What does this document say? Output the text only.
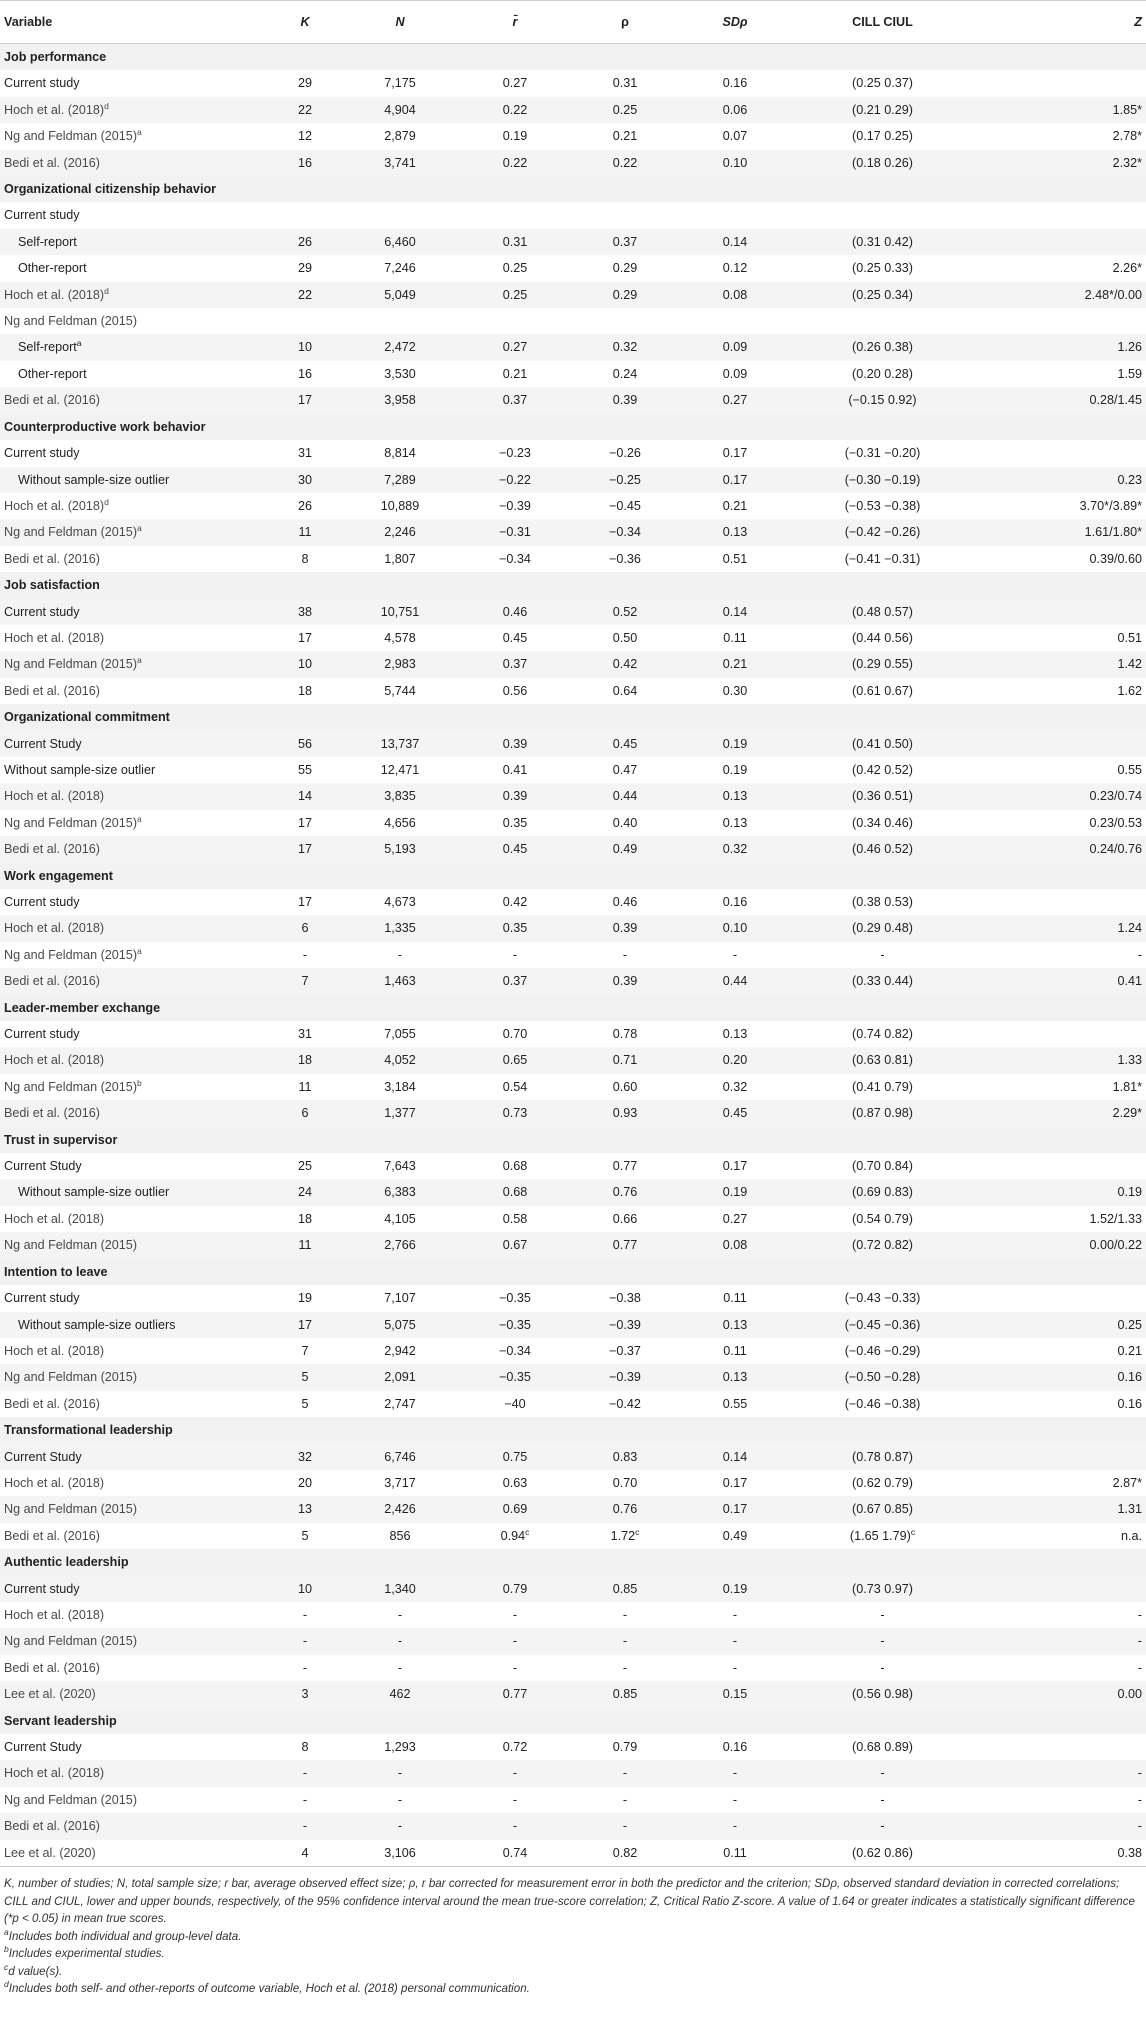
Variable	K	N	r̄	ρ	SDρ	CILL CIUL	Z
Job performance							
Current study	29	7,175	0.27	0.31	0.16	(0.25 0.37)	
Hoch et al. $(2018)^d$	22	4,904	0.22	0.25	0.06	(0.21 0.29)	1.85*
Ng and Feldman $(2015)^a$	12	2,879	0.19	0.21	0.07	(0.17 0.25)	2.78*
Bedi et al. (2016)	16	3,741	0.22	0.22	0.10	(0.18 0.26)	2.32*
Organizational citizenship behavior							
Current study							
Self-report	26	6,460	0.31	0.37	0.14	(0.31 0.42)	
Other-report	29	7,246	0.25	0.29	0.12	(0.25 0.33)	2.26*
Hoch et al. $(2018)^d$	22	5,049	0.25	0.29	0.08	(0.25 0.34)	2.48*/0.00
Ng and Feldman (2015)							
Self-report$^a$	10	2,472	0.27	0.32	0.09	(0.26 0.38)	1.26
Other-report	16	3,530	0.21	0.24	0.09	(0.20 0.28)	1.59
Bedi et al. (2016)	17	3,958	0.37	0.39	0.27	(−0.15 0.92)	0.28/1.45
Counterproductive work behavior							
Current study	31	8,814	−0.23	−0.26	0.17	(−0.31 −0.20)	
Without sample-size outlier	30	7,289	−0.22	−0.25	0.17	(−0.30 −0.19)	0.23
Hoch et al. $(2018)^d$	26	10,889	−0.39	−0.45	0.21	(−0.53 −0.38)	3.70*/3.89*
Ng and Feldman $(2015)^a$	11	2,246	−0.31	−0.34	0.13	(−0.42 −0.26)	1.61/1.80*
Bedi et al. (2016)	8	1,807	−0.34	−0.36	0.51	(−0.41 −0.31)	0.39/0.60
Job satisfaction							
Current study	38	10,751	0.46	0.52	0.14	(0.48 0.57)	
Hoch et al. (2018)	17	4,578	0.45	0.50	0.11	(0.44 0.56)	0.51
Ng and Feldman $(2015)^a$	10	2,983	0.37	0.42	0.21	(0.29 0.55)	1.42
Bedi et al. (2016)	18	5,744	0.56	0.64	0.30	(0.61 0.67)	1.62
Organizational commitment							
Current Study	56	13,737	0.39	0.45	0.19	(0.41 0.50)	
Without sample-size outlier	55	12,471	0.41	0.47	0.19	(0.42 0.52)	0.55
Hoch et al. (2018)	14	3,835	0.39	0.44	0.13	(0.36 0.51)	0.23/0.74
Ng and Feldman $(2015)^a$	17	4,656	0.35	0.40	0.13	(0.34 0.46)	0.23/0.53
Bedi et al. (2016)	17	5,193	0.45	0.49	0.32	(0.46 0.52)	0.24/0.76
Work engagement							
Current study	17	4,673	0.42	0.46	0.16	(0.38 0.53)	
Hoch et al. (2018)	6	1,335	0.35	0.39	0.10	(0.29 0.48)	1.24
Ng and Feldman $(2015)^a$	-	-	-	-	-	-	-
Bedi et al. (2016)	7	1,463	0.37	0.39	0.44	(0.33 0.44)	0.41
Leader-member exchange							
Current study	31	7,055	0.70	0.78	0.13	(0.74 0.82)	
Hoch et al. (2018)	18	4,052	0.65	0.71	0.20	(0.63 0.81)	1.33
Ng and Feldman $(2015)^b$	11	3,184	0.54	0.60	0.32	(0.41 0.79)	1.81*
Bedi et al. (2016)	6	1,377	0.73	0.93	0.45	(0.87 0.98)	2.29*
Trust in supervisor							
Current Study	25	7,643	0.68	0.77	0.17	(0.70 0.84)	
Without sample-size outlier	24	6,383	0.68	0.76	0.19	(0.69 0.83)	0.19
Hoch et al. (2018)	18	4,105	0.58	0.66	0.27	(0.54 0.79)	1.52/1.33
Ng and Feldman (2015)	11	2,766	0.67	0.77	0.08	(0.72 0.82)	0.00/0.22
Intention to leave							
Current study	19	7,107	−0.35	−0.38	0.11	(−0.43 −0.33)	
Without sample-size outliers	17	5,075	−0.35	−0.39	0.13	(−0.45 −0.36)	0.25
Hoch et al. (2018)	7	2,942	−0.34	−0.37	0.11	(−0.46 −0.29)	0.21
Ng and Feldman (2015)	5	2,091	−0.35	−0.39	0.13	(−0.50 −0.28)	0.16
Bedi et al. (2016)	5	2,747	−40	−0.42	0.55	(−0.46 −0.38)	0.16
Transformational leadership							
Current Study	32	6,746	0.75	0.83	0.14	(0.78 0.87)	
Hoch et al. (2018)	20	3,717	0.63	0.70	0.17	(0.62 0.79)	2.87*
Ng and Feldman (2015)	13	2,426	0.69	0.76	0.17	(0.67 0.85)	1.31
Bedi et al. (2016)	5	856	0.94$^c$	1.72$^c$	0.49	(1.65 1.79)$^c$	n.a.
Authentic leadership							
Current study	10	1,340	0.79	0.85	0.19	(0.73 0.97)	
Hoch et al. (2018)	-	-	-	-	-	-	-
Ng and Feldman (2015)	-	-	-	-	-	-	-
Bedi et al. (2016)	-	-	-	-	-	-	-
Lee et al. (2020)	3	462	0.77	0.85	0.15	(0.56 0.98)	0.00
Servant leadership							
Current Study	8	1,293	0.72	0.79	0.16	(0.68 0.89)	
Hoch et al. (2018)	-	-	-	-	-	-	-
Ng and Feldman (2015)	-	-	-	-	-	-	-
Bedi et al. (2016)	-	-	-	-	-	-	-
Lee et al. (2020)	4	3,106	0.74	0.82	0.11	(0.62 0.86)	0.38

K, number of studies; N, total sample size; r bar, average observed effect size; ρ, r bar corrected for measurement error in both the predictor and the criterion; SDρ, observed standard deviation in corrected correlations; CILL and CIUL, lower and upper bounds, respectively, of the 95% confidence interval around the mean true-score correlation; Z, Critical Ratio Z-score. A value of 1.64 or greater indicates a statistically significant difference (*p < 0.05) in mean true scores.

$^a$Includes both individual and group-level data.

$^b$Includes experimental studies.

$^c$d value(s).

$^d$Includes both self- and other-reports of outcome variable, Hoch et al. (2018) personal communication.
